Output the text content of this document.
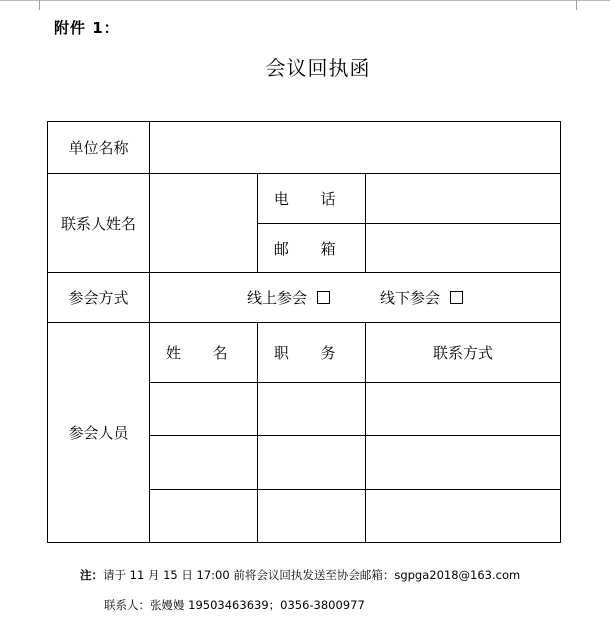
附件 1：
会议回执函
单位名称			
联系人姓名		电 话	
		邮 箱	
参会方式	线上参会 线下参会		
参会人员	姓 名	职 务	联系方式

注：请于 11 月 15 日 17:00 前将会议回执发送至协会邮箱：sgpga2018@163.com
联系人：张嫚嫚 19503463639；0356-3800977
